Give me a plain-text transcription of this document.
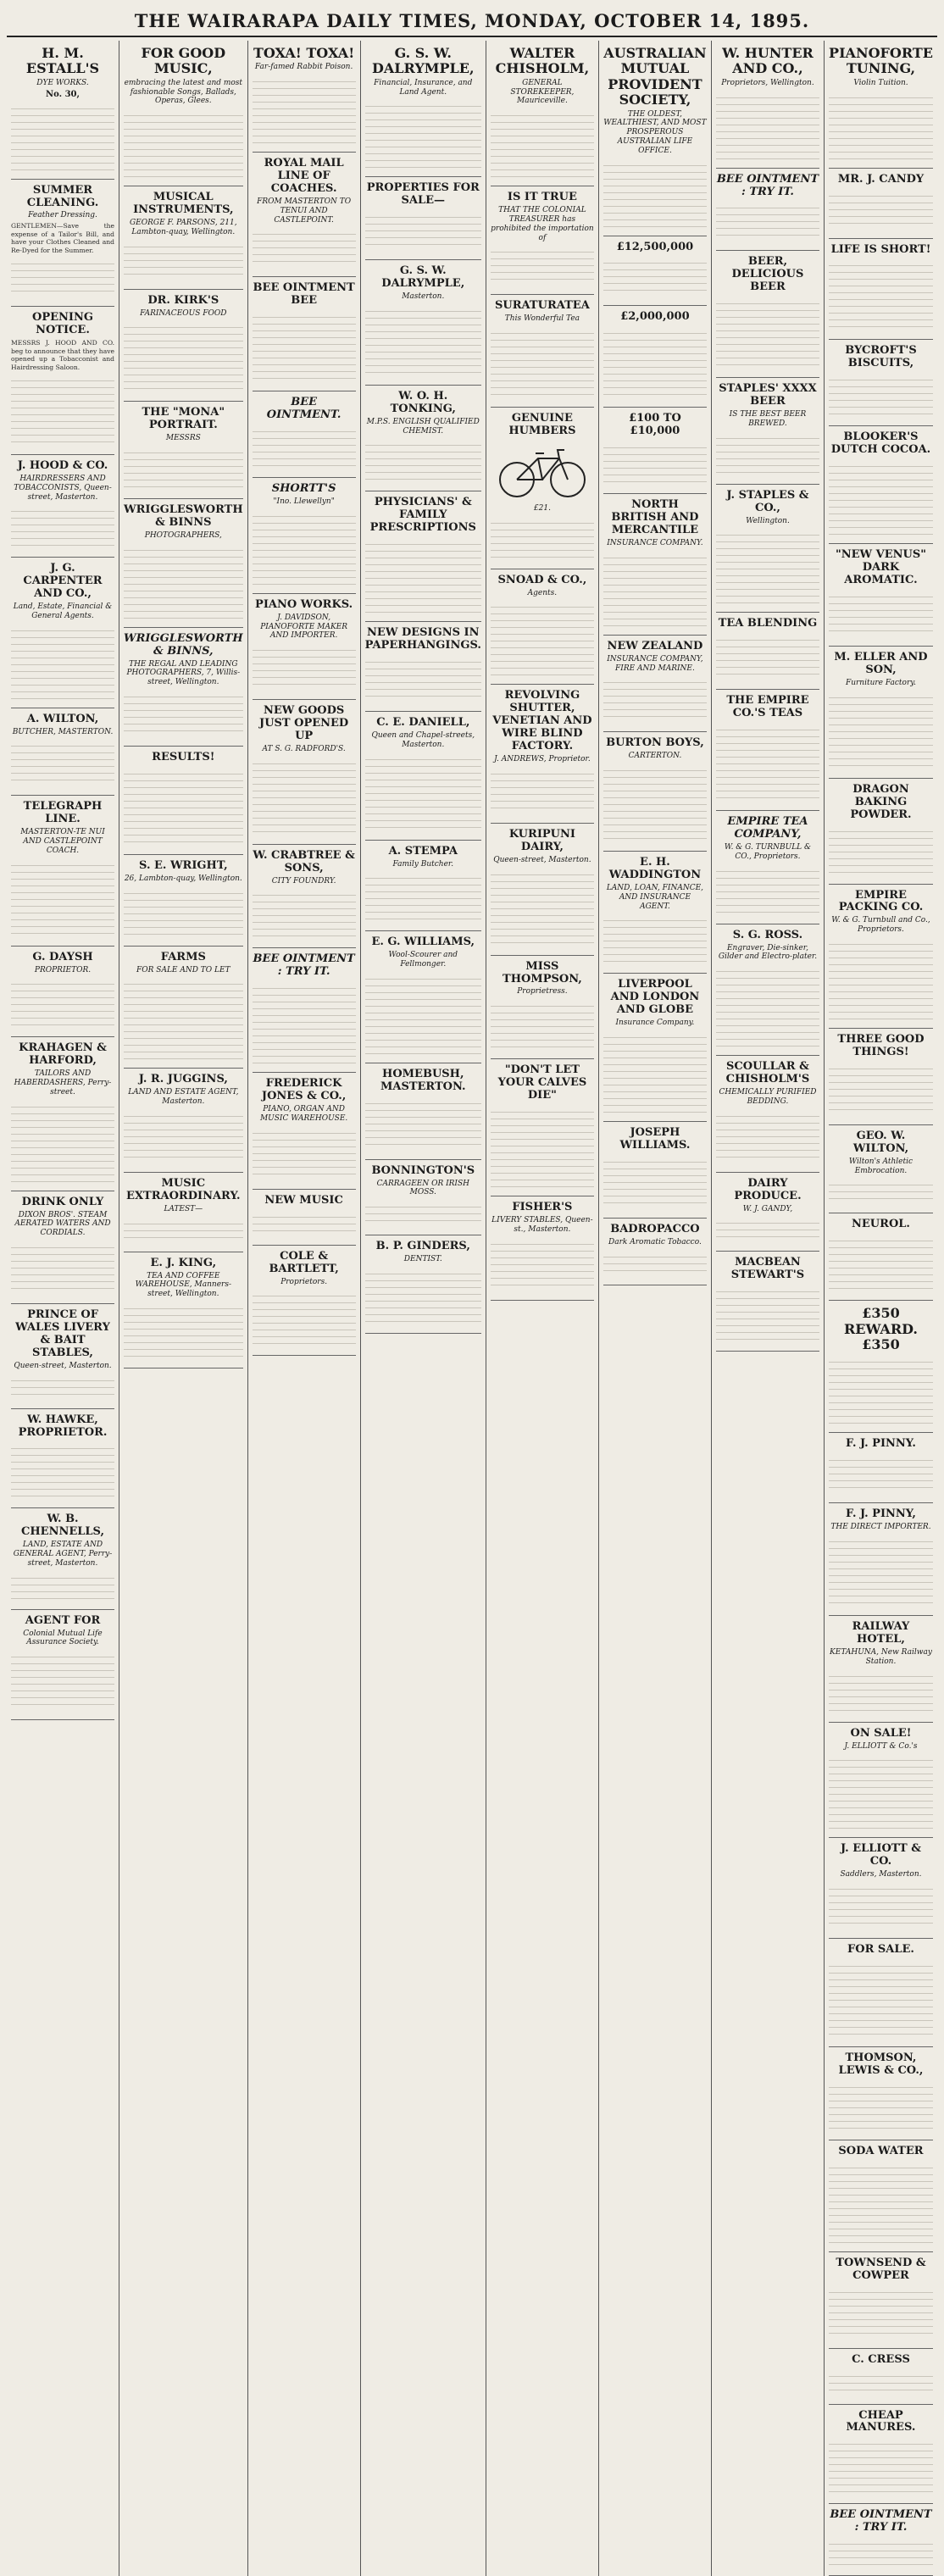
THE WAIRARAPA DAILY TIMES, MONDAY, OCTOBER 14, 1895.
H. M. ESTALL'S
DYE WORKS.
No. 30,
SUMMER CLEANING.
Feather Dressing.
GENTLEMEN—Save the expense of a Tailor's Bill, and have your Clothes Cleaned and Re-Dyed for the Summer.
OPENING NOTICE.
MESSRS J. HOOD AND CO. beg to announce that they have opened up a Tobacconist and Hairdressing Saloon.
J. HOOD & CO.
HAIRDRESSERS AND TOBACCONISTS, Queen-street, Masterton.
J. G. CARPENTER AND CO.,
Land, Estate, Financial & General Agents.
A. WILTON,
BUTCHER, MASTERTON.
TELEGRAPH LINE.
MASTERTON-TE NUI AND CASTLEPOINT COACH.
G. DAYSH
PROPRIETOR.
KRAHAGEN & HARFORD,
TAILORS AND HABERDASHERS, Perry-street.
DRINK ONLY
DIXON BROS'. STEAM AERATED WATERS AND CORDIALS.
PRINCE OF WALES LIVERY & BAIT STABLES,
Queen-street, Masterton.
W. HAWKE, PROPRIETOR.
W. B. CHENNELLS,
LAND, ESTATE AND GENERAL AGENT, Perry-street, Masterton.
AGENT FOR
Colonial Mutual Life Assurance Society.
FOR GOOD MUSIC,
embracing the latest and most fashionable Songs, Ballads, Operas, Glees.
MUSICAL INSTRUMENTS,
GEORGE F. PARSONS, 211, Lambton-quay, Wellington.
DR. KIRK'S
FARINACEOUS FOOD
THE "MONA" PORTRAIT.
MESSRS
WRIGGLESWORTH & BINNS
PHOTOGRAPHERS,
WRIGGLESWORTH & BINNS,
THE REGAL AND LEADING PHOTOGRAPHERS, 7, Willis-street, Wellington.
RESULTS!
S. E. WRIGHT,
26, Lambton-quay, Wellington.
FARMS
FOR SALE AND TO LET
J. R. JUGGINS,
LAND AND ESTATE AGENT, Masterton.
MUSIC EXTRAORDINARY.
LATEST—
E. J. KING,
TEA AND COFFEE WAREHOUSE, Manners-street, Wellington.
TOXA! TOXA!
Far-famed Rabbit Poison.
ROYAL MAIL LINE OF COACHES.
FROM MASTERTON TO TENUI AND CASTLEPOINT.
BEE OINTMENT BEE
BEE OINTMENT.
SHORTT'S
"Ino. Llewellyn"
PIANO WORKS.
J. DAVIDSON, PIANOFORTE MAKER AND IMPORTER.
NEW GOODS JUST OPENED UP
AT S. G. RADFORD'S.
W. CRABTREE & SONS,
CITY FOUNDRY.
BEE OINTMENT : TRY IT.
FREDERICK JONES & CO.,
PIANO, ORGAN AND MUSIC WAREHOUSE.
NEW MUSIC
COLE & BARTLETT,
Proprietors.
G. S. W. DALRYMPLE,
Financial, Insurance, and Land Agent.
PROPERTIES FOR SALE—
G. S. W. DALRYMPLE,
Masterton.
W. O. H. TONKING,
M.P.S. ENGLISH QUALIFIED CHEMIST.
PHYSICIANS' & FAMILY PRESCRIPTIONS
NEW DESIGNS IN PAPERHANGINGS.
C. E. DANIELL,
Queen and Chapel-streets, Masterton.
A. STEMPA
Family Butcher.
E. G. WILLIAMS,
Wool-Scourer and Fellmonger.
HOMEBUSH, MASTERTON.
BONNINGTON'S
CARRAGEEN OR IRISH MOSS.
B. P. GINDERS,
DENTIST.
WALTER CHISHOLM,
GENERAL STOREKEEPER, Mauriceville.
IS IT TRUE
THAT THE COLONIAL TREASURER has prohibited the importation of
SURATURATEA
This Wonderful Tea
GENUINE HUMBERS
£21.
SNOAD & CO.,
Agents.
REVOLVING SHUTTER, VENETIAN AND WIRE BLIND FACTORY.
J. ANDREWS, Proprietor.
KURIPUNI DAIRY,
Queen-street, Masterton.
MISS THOMPSON,
Proprietress.
"DON'T LET YOUR CALVES DIE"
FISHER'S
LIVERY STABLES, Queen-st., Masterton.
AUSTRALIAN MUTUAL PROVIDENT SOCIETY,
THE OLDEST, WEALTHIEST, AND MOST PROSPEROUS AUSTRALIAN LIFE OFFICE.
£12,500,000
£2,000,000
£100 TO £10,000
NORTH BRITISH AND MERCANTILE
INSURANCE COMPANY.
NEW ZEALAND
INSURANCE COMPANY, FIRE AND MARINE.
BURTON BOYS,
CARTERTON.
E. H. WADDINGTON
LAND, LOAN, FINANCE, AND INSURANCE AGENT.
LIVERPOOL AND LONDON AND GLOBE
Insurance Company.
JOSEPH WILLIAMS.
BADROPACCO
Dark Aromatic Tobacco.
W. HUNTER AND CO.,
Proprietors, Wellington.
BEE OINTMENT : TRY IT.
BEER, DELICIOUS BEER
STAPLES' XXXX BEER
IS THE BEST BEER BREWED.
J. STAPLES & CO.,
Wellington.
TEA BLENDING
THE EMPIRE CO.'S TEAS
EMPIRE TEA COMPANY,
W. & G. TURNBULL & CO., Proprietors.
S. G. ROSS.
Engraver, Die-sinker, Gilder and Electro-plater.
SCOULLAR & CHISHOLM'S
CHEMICALLY PURIFIED BEDDING.
DAIRY PRODUCE.
W. J. GANDY,
MACBEAN STEWART'S
PIANOFORTE TUNING,
Violin Tuition.
MR. J. CANDY
LIFE IS SHORT!
BYCROFT'S BISCUITS,
BLOOKER'S DUTCH COCOA.
"NEW VENUS" DARK AROMATIC.
M. ELLER AND SON,
Furniture Factory.
DRAGON BAKING POWDER.
EMPIRE PACKING CO.
W. & G. Turnbull and Co., Proprietors.
THREE GOOD THINGS!
GEO. W. WILTON,
Wilton's Athletic Embrocation.
NEUROL.
£350 REWARD. £350
F. J. PINNY.
F. J. PINNY,
THE DIRECT IMPORTER.
RAILWAY HOTEL,
KETAHUNA, New Railway Station.
ON SALE!
J. ELLIOTT & Co.'s
J. ELLIOTT & CO.
Saddlers, Masterton.
FOR SALE.
THOMSON, LEWIS & CO.,
SODA WATER
TOWNSEND & COWPER
C. CRESS
CHEAP MANURES.
BEE OINTMENT : TRY IT.
